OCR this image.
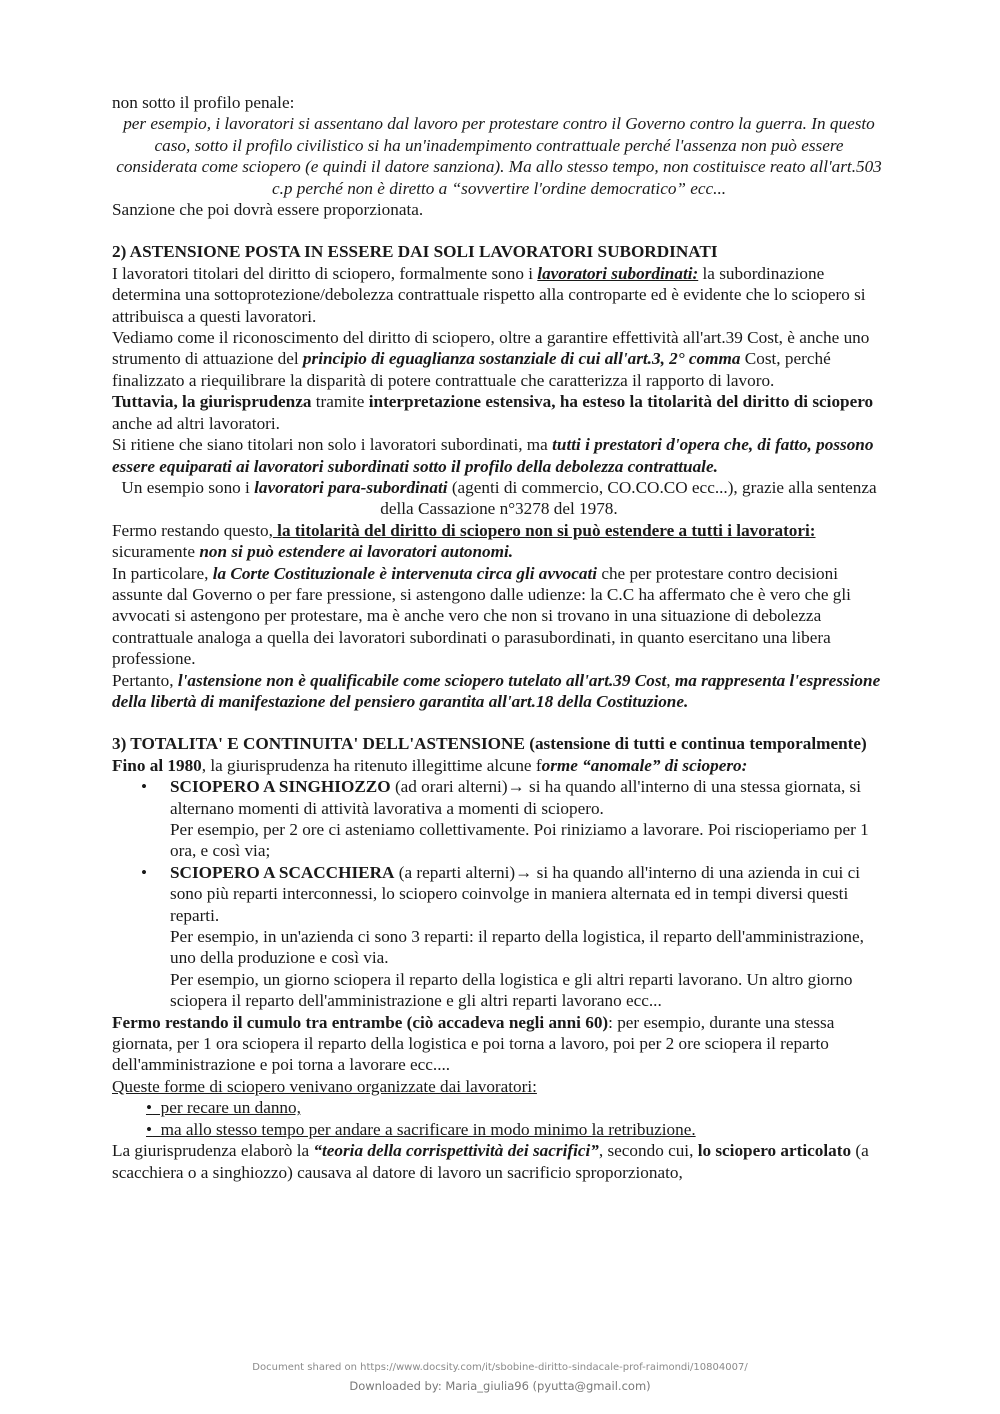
non sotto il profilo penale:

per esempio, i lavoratori si assentano dal lavoro per protestare contro il Governo contro la guerra. In questo caso, sotto il profilo civilistico si ha un'inadempimento contrattuale perché l'assenza non può essere considerata come sciopero (e quindi il datore sanziona). Ma allo stesso tempo, non costituisce reato all'art.503 c.p perché non è diretto a “sovvertire l'ordine democratico” ecc...

Sanzione che poi dovrà essere proporzionata.

2) ASTENSIONE POSTA IN ESSERE DAI SOLI LAVORATORI SUBORDINATI

I lavoratori titolari del diritto di sciopero, formalmente sono i lavoratori subordinati: la subordinazione determina una sottoprotezione/debolezza contrattuale rispetto alla controparte ed è evidente che lo sciopero si attribuisca a questi lavoratori.

Vediamo come il riconoscimento del diritto di sciopero, oltre a garantire effettività all'art.39 Cost, è anche uno strumento di attuazione del principio di eguaglianza sostanziale di cui all'art.3, 2° comma Cost, perché finalizzato a riequilibrare la disparità di potere contrattuale che caratterizza il rapporto di lavoro.

Tuttavia, la giurisprudenza tramite interpretazione estensiva, ha esteso la titolarità del diritto di sciopero anche ad altri lavoratori.

Si ritiene che siano titolari non solo i lavoratori subordinati, ma tutti i prestatori d'opera che, di fatto, possono essere equiparati ai lavoratori subordinati sotto il profilo della debolezza contrattuale.

Un esempio sono i lavoratori para-subordinati (agenti di commercio, CO.CO.CO ecc...), grazie alla sentenza della Cassazione n°3278 del 1978.

Fermo restando questo, la titolarità del diritto di sciopero non si può estendere a tutti i lavoratori: sicuramente non si può estendere ai lavoratori autonomi.

In particolare, la Corte Costituzionale è intervenuta circa gli avvocati che per protestare contro decisioni assunte dal Governo o per fare pressione, si astengono dalle udienze: la C.C ha affermato che è vero che gli avvocati si astengono per protestare, ma è anche vero che non si trovano in una situazione di debolezza contrattuale analoga a quella dei lavoratori subordinati o parasubordinati, in quanto esercitano una libera professione.

Pertanto, l'astensione non è qualificabile come sciopero tutelato all'art.39 Cost, ma rappresenta l'espressione della libertà di manifestazione del pensiero garantita all'art.18 della Costituzione.

3) TOTALITA' E CONTINUITA' DELL'ASTENSIONE (astensione di tutti e continua temporalmente)

Fino al 1980, la giurisprudenza ha ritenuto illegittime alcune forme “anomale” di sciopero:

• SCIOPERO A SINGHIOZZO (ad orari alterni)→ si ha quando all'interno di una stessa giornata, si alternano momenti di attività lavorativa a momenti di sciopero.
Per esempio, per 2 ore ci asteniamo collettivamente. Poi riniziamo a lavorare. Poi riscioperiamo per 1 ora, e così via;
• SCIOPERO A SCACCHIERA (a reparti alterni)→ si ha quando all'interno di una azienda in cui ci sono più reparti interconnessi, lo sciopero coinvolge in maniera alternata ed in tempi diversi questi reparti.
Per esempio, in un'azienda ci sono 3 reparti: il reparto della logistica, il reparto dell'amministrazione, uno della produzione e così via.
Per esempio, un giorno sciopera il reparto della logistica e gli altri reparti lavorano. Un altro giorno sciopera il reparto dell'amministrazione e gli altri reparti lavorano ecc...

Fermo restando il cumulo tra entrambe (ciò accadeva negli anni 60): per esempio, durante una stessa giornata, per 1 ora sciopera il reparto della logistica e poi torna a lavoro, poi per 2 ore sciopera il reparto dell'amministrazione e poi torna a lavorare ecc....

Queste forme di sciopero venivano organizzate dai lavoratori:

•  per recare un danno,
•  ma allo stesso tempo per andare a sacrificare in modo minimo la retribuzione.

La giurisprudenza elaborò la “teoria della corrispettività dei sacrifici”, secondo cui, lo sciopero articolato (a scacchiera o a singhiozzo) causava al datore di lavoro un sacrificio sproporzionato,

Document shared on https://www.docsity.com/it/sbobine-diritto-sindacale-prof-raimondi/10804007/
Downloaded by: Maria_giulia96 (pyutta@gmail.com)
